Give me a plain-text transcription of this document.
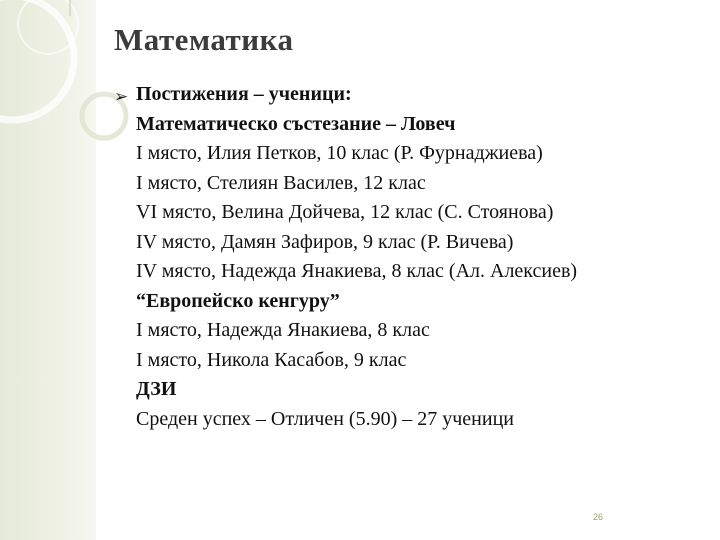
Математика
➢ Постижения – ученици:
Математическо състезание – Ловеч
I място, Илия Петков, 10 клас (Р. Фурнаджиева)
I място, Стелиян Василев, 12 клас
VI място, Велина Дойчева, 12 клас (С. Стоянова)
IV място, Дамян Зафиров, 9 клас (Р. Вичева)
IV място, Надежда Янакиева, 8 клас (Ал. Алексиев)
“Европейско кенгуру”
I място, Надежда Янакиева, 8 клас
I място, Никола Касабов, 9 клас
ДЗИ
Среден успех – Отличен (5.90) – 27 ученици
26
